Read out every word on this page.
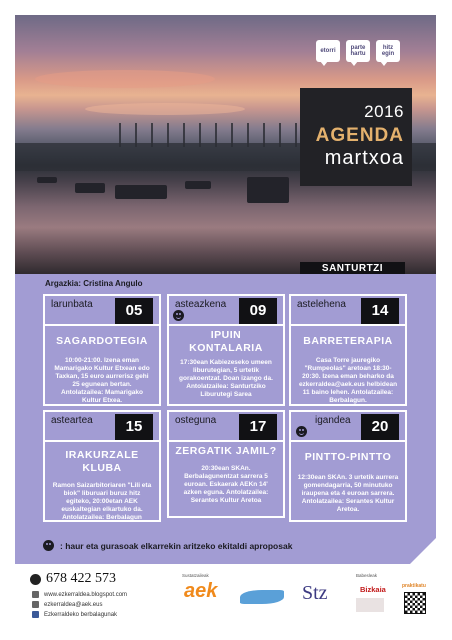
etorri	parte hartu
hitz egin
2016
AGENDA
martxoa
SANTURTZI
Argazkia: Cristina Angulo
larunbata	05
SAGARDOTEGIA
10:00-21:00. Izena eman Mamarigako Kultur Etxean edo Taxkan, 15 euro aurrerisz gehi 25 egunean bertan. Antolatzailea: Mamarigako Kultur Etxea.
asteazkena	09
IPUIN KONTALARIA
17:30ean Kabiezeseko umeen liburutegian, 5 urtetik gorakoentzat. Doan izango da. Antolatzailea: Santurtziko Liburutegi Sarea
astelehena	14
BARRETERAPIA
Casa Torre jauregiko "Rumpeolas" aretoan 18:30-20:30. Izena eman beharko da ezkerraldea@aek.eus helbidean 11 baino lehen. Antolatzailea: Berbalagun.
asteartea	15
IRAKURZALE KLUBA
Ramon Saizarbitoriaren "Lili eta biok" liburuari buruz hitz egiteko, 20:00etan AEK euskaltegian elkartuko da. Antolatzailea: Berbalagun
osteguna	17
ZERGATIK JAMIL?
20:30ean SKAn. Berbalagunentzat sarrera 5 euroan. Eskaerak AEKn 14' azken eguna. Antolatzailea: Serantes Kultur Aretoa
igandea	20
PINTTO-PINTTO
12:30ean SKAn. 3 urtetik aurrera gomendagarria, 50 minutuko iraupena eta 4 euroan sarrera. Antolatzailea: Serantes Kultur Aretoa.
: haur eta gurasoak elkarrekin aritzeko ekitaldi aproposak
678 422 573
www.ezkerraldea.blogspot.com
ezkerraldea@aek.eus
Ezkerraldeko berbalagunak
Sustatzaileak
aek	Stz
Babesleak
Bizkaia	praktikatu
